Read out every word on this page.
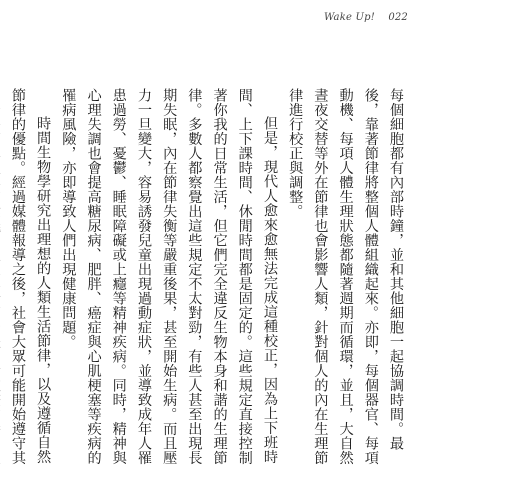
Wake Up! 022

每個細胞都有內部時鐘，並和其他細胞一起協調時間。最後，靠著節律將整個人體組織起來。亦即，每個器官、每項動機、每項人體生理狀態都隨著週期而循環，並且，大自然晝夜交替等外在節律也會影響人類，針對個人的內在生理節律進行校正與調整。

但是，現代人愈來愈無法完成這種校正，因為上下班時間、上下課時間、休閒時間都是固定的。這些規定直接控制著你我的日常生活，但它們完全違反生物本身和諧的生理節律。多數人都察覺出這些規定不太對勁，有些人甚至出現長期失眠，內在節律失衡等嚴重後果，甚至開始生病。而且壓力一旦變大，容易誘發兒童出現過動症狀，並導致成年人罹患過勞、憂鬱、睡眠障礙或上癮等精神疾病。同時，精神與心理失調也會提高糖尿病、肥胖、癌症與心肌梗塞等疾病的罹病風險，亦即導致人們出現健康問題。

時間生物學研究出理想的人類生活節律，以及遵循自然節律的優點。經過媒體報導之後，社會大眾可能開始遵守其
